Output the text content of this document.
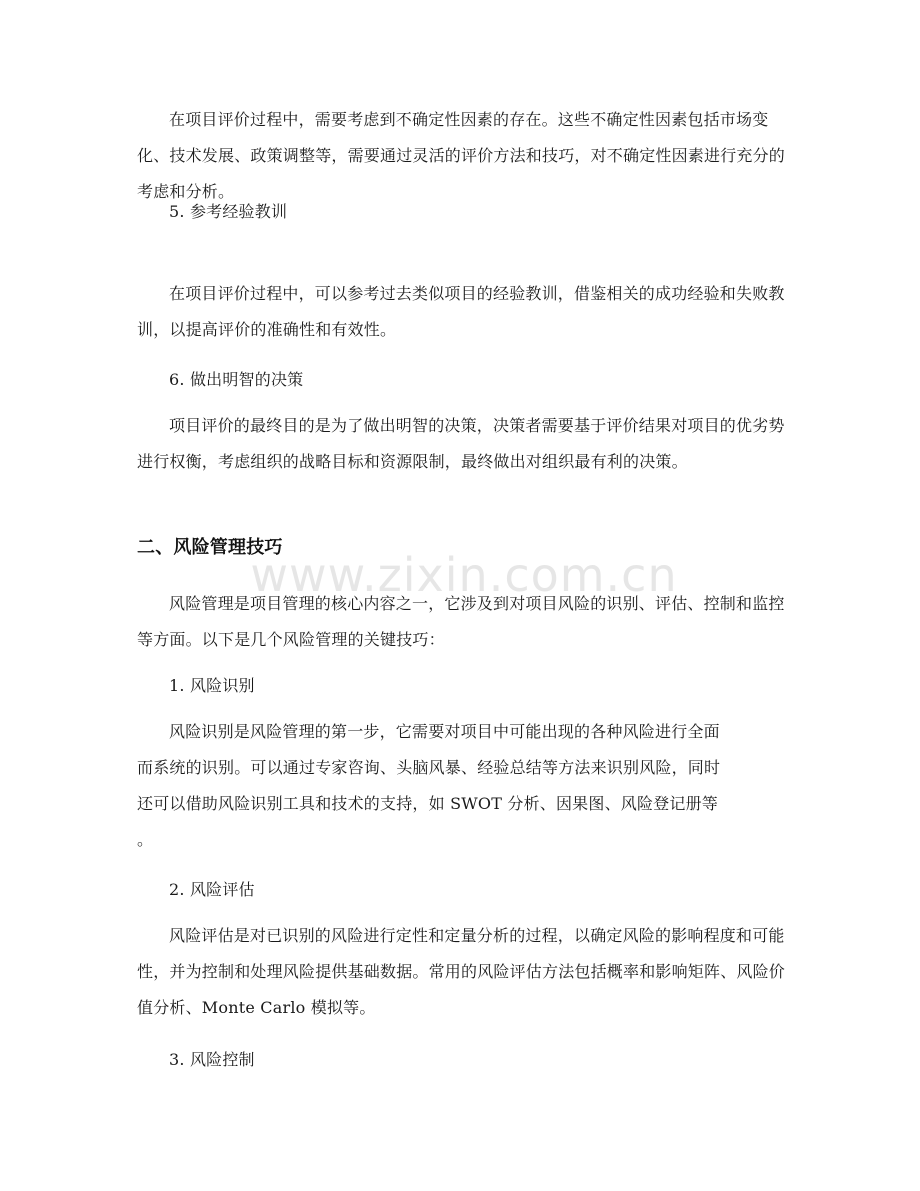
在项目评价过程中，需要考虑到不确定性因素的存在。这些不确定性因素包括市场变化、技术发展、政策调整等，需要通过灵活的评价方法和技巧，对不确定性因素进行充分的考虑和分析。

5. 参考经验教训

在项目评价过程中，可以参考过去类似项目的经验教训，借鉴相关的成功经验和失败教训，以提高评价的准确性和有效性。

6. 做出明智的决策

项目评价的最终目的是为了做出明智的决策，决策者需要基于评价结果对项目的优劣势进行权衡，考虑组织的战略目标和资源限制，最终做出对组织最有利的决策。

二、风险管理技巧

风险管理是项目管理的核心内容之一，它涉及到对项目风险的识别、评估、控制和监控等方面。以下是几个风险管理的关键技巧：

1. 风险识别

风险识别是风险管理的第一步，它需要对项目中可能出现的各种风险进行全面
而系统的识别。可以通过专家咨询、头脑风暴、经验总结等方法来识别风险，同时
还可以借助风险识别工具和技术的支持，如 SWOT 分析、因果图、风险登记册等
。

2. 风险评估

风险评估是对已识别的风险进行定性和定量分析的过程，以确定风险的影响程度和可能性，并为控制和处理风险提供基础数据。常用的风险评估方法包括概率和影响矩阵、风险价值分析、Monte Carlo 模拟等。

3. 风险控制

www.zixin.com.cn
